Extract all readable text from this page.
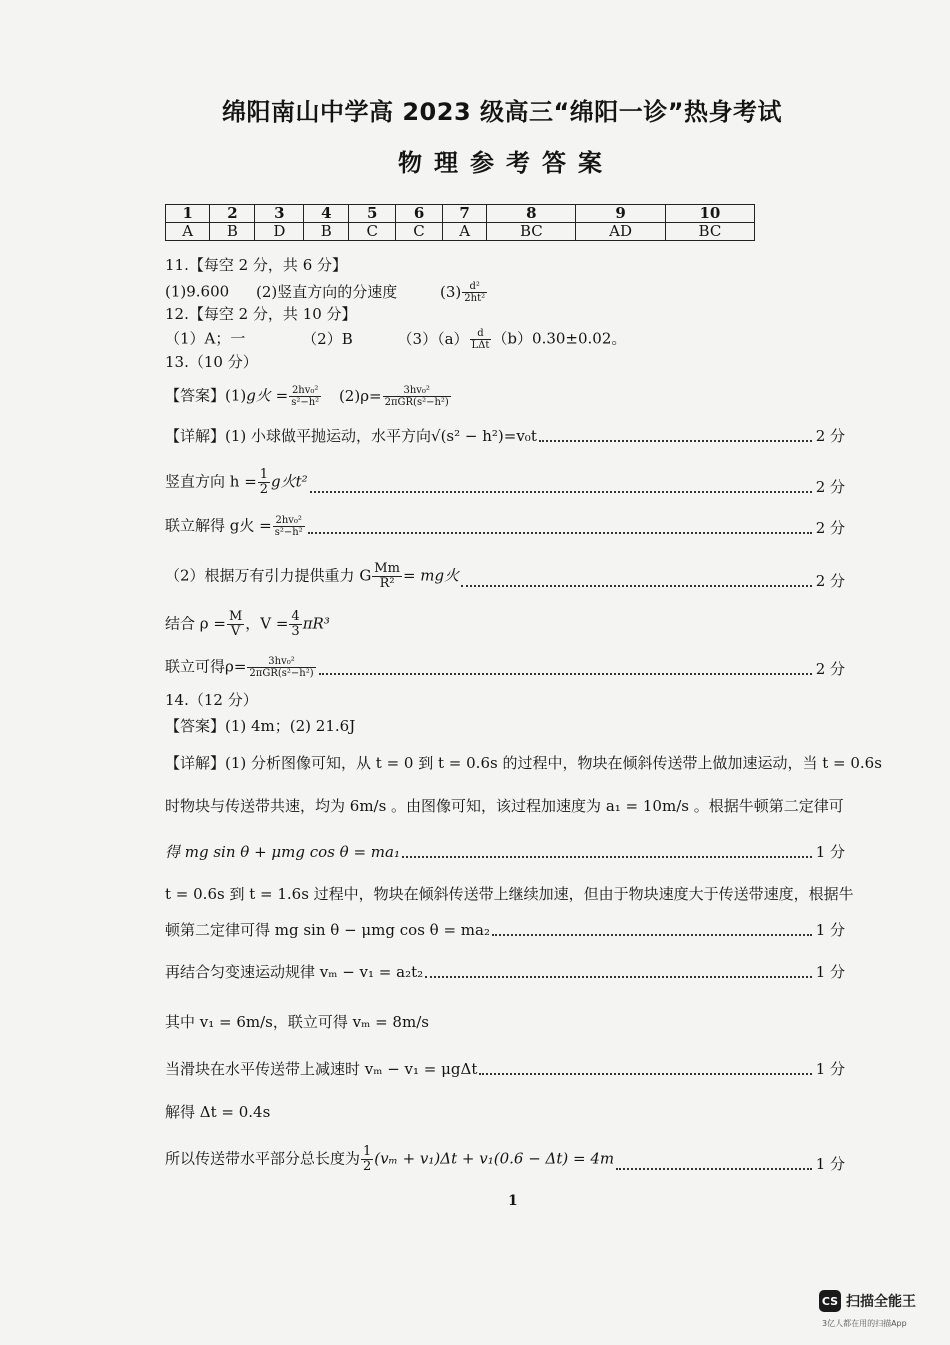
绵阳南山中学高 2023 级高三“绵阳一诊”热身考试
物理参考答案
1	2	3	4	5	6	7	8	9	10
A	B	D	B	C	C	A	BC	AD	BC
11.【每空 2 分，共 6 分】
(1)9.600 (2)竖直方向的分速度	$(3) \frac{\text{d²}}{\text{2ht²}}$
12.【每空 2 分，共 10 分】
（1）A；一	（2）B	$(3)(a) \frac{d}{\text{LΔt}} (b)0.30\pm 0.02$。
13.（10 分）
【答案】(1)g火 = $\frac{\text{2hv₀²}}{\text{s²−h²}} (2)\rho= \frac{\text{3hv₀²}}{\text{2πGR(s²−h²)}}$
【详解】(1) 小球做平抛运动，水平方向√(s² − h²)=v₀t	2 分
竖直方向 $h = \frac{1}{2}$ g火t²	2 分
联立解得 g火 = $\frac{\text{2hv₀²}}{\text{s²−h²}}$	2 分
（2）根据万有引力提供重力 G $\frac{Mm}{\text{R²}}$ = mg火	2 分
结合 $\rho = \frac{M}{V}$ ，$V = \frac{4}{3} \pi R^3$
联立可得$\rho= \frac{\text{3hv₀²}}{\text{2πGR(s²−h²)}}$	2 分
14.（12 分）
【答案】(1) 4m；(2) 21.6J
【详解】(1) 分析图像可知，从 t = 0 到 t = 0.6s 的过程中，物块在倾斜传送带上做加速运动，当 t = 0.6s
时物块与传送带共速，均为 6m/s 。由图像可知，该过程加速度为 a₁ = 10m/s 。根据牛顿第二定律可
得 mg sin θ + μmg cos θ = ma₁	1 分
t = 0.6s 到 t = 1.6s 过程中，物块在倾斜传送带上继续加速，但由于物块速度大于传送带速度，根据牛
顿第二定律可得 mg sin θ − μmg cos θ = ma₂	1 分
再结合匀变速运动规律 vₘ − v₁ = a₂t₂	1 分
其中 v₁ = 6m/s，联立可得 vₘ = 8m/s
当滑块在水平传送带上减速时 vₘ − v₁ = μgΔt	1 分
解得 Δt = 0.4s
所以传送带水平部分总长度为 $\frac{1}{2} (v_m + v_1)\Delta t + v_1(0.6 - \Delta t) = 4m$	1 分
1
CS 扫描全能王
3亿人都在用的扫描App
